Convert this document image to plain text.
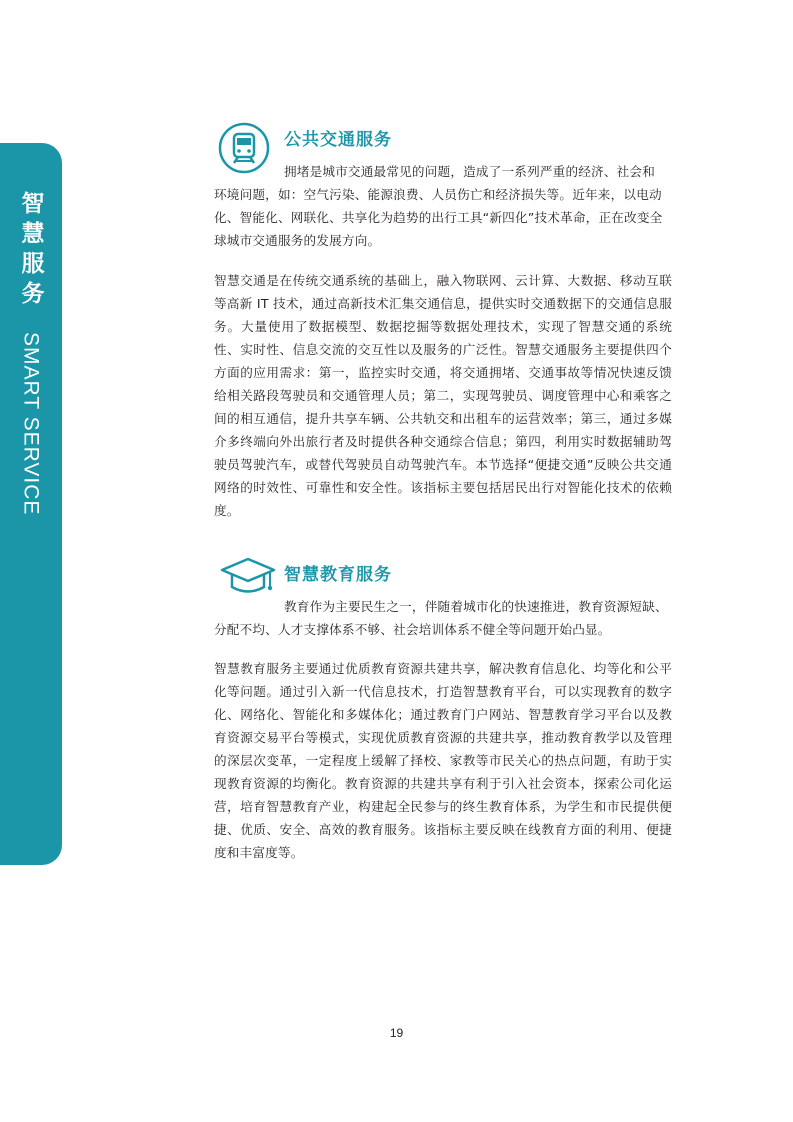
智慧服务 SMART SERVICE
公共交通服务

拥堵是城市交通最常见的问题，造成了一系列严重的经济、社会和

环境问题，如：空气污染、能源浪费、人员伤亡和经济损失等。近年来，以电动

化、智能化、网联化、共享化为趋势的出行工具“新四化”技术革命，正在改变全

球城市交通服务的发展方向。

智慧交通是在传统交通系统的基础上，融入物联网、云计算、大数据、移动互联等高新 IT 技术，通过高新技术汇集交通信息，提供实时交通数据下的交通信息服务。大量使用了数据模型、数据挖掘等数据处理技术，实现了智慧交通的系统性、实时性、信息交流的交互性以及服务的广泛性。智慧交通服务主要提供四个方面的应用需求：第一，监控实时交通，将交通拥堵、交通事故等情况快速反馈给相关路段驾驶员和交通管理人员；第二，实现驾驶员、调度管理中心和乘客之间的相互通信，提升共享车辆、公共轨交和出租车的运营效率；第三，通过多媒介多终端向外出旅行者及时提供各种交通综合信息；第四，利用实时数据辅助驾驶员驾驶汽车，或替代驾驶员自动驾驶汽车。本节选择“便捷交通”反映公共交通网络的时效性、可靠性和安全性。该指标主要包括居民出行对智能化技术的依赖度。

智慧教育服务

教育作为主要民生之一，伴随着城市化的快速推进，教育资源短缺、

分配不均、人才支撑体系不够、社会培训体系不健全等问题开始凸显。

智慧教育服务主要通过优质教育资源共建共享，解决教育信息化、均等化和公平化等问题。通过引入新一代信息技术，打造智慧教育平台，可以实现教育的数字化、网络化、智能化和多媒体化；通过教育门户网站、智慧教育学习平台以及教育资源交易平台等模式，实现优质教育资源的共建共享，推动教育教学以及管理的深层次变革，一定程度上缓解了择校、家教等市民关心的热点问题，有助于实现教育资源的均衡化。教育资源的共建共享有利于引入社会资本，探索公司化运营，培育智慧教育产业，构建起全民参与的终生教育体系，为学生和市民提供便捷、优质、安全、高效的教育服务。该指标主要反映在线教育方面的利用、便捷度和丰富度等。

19
